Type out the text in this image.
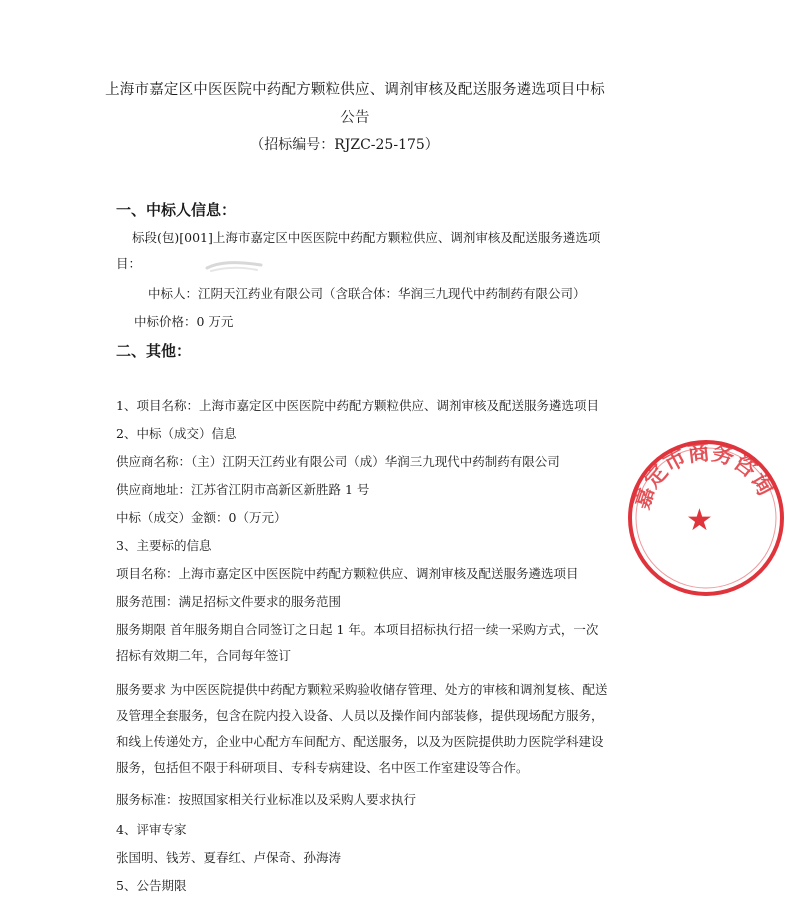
上海市嘉定区中医医院中药配方颗粒供应、调剂审核及配送服务遴选项目中标公告
（招标编号：RJZC-25-175）
一、中标人信息：
标段(包)[001]上海市嘉定区中医医院中药配方颗粒供应、调剂审核及配送服务遴选项
目：
中标人：江阴天江药业有限公司（含联合体：华润三九现代中药制药有限公司）
中标价格：0 万元
二、其他：
1、项目名称：上海市嘉定区中医医院中药配方颗粒供应、调剂审核及配送服务遴选项目
2、中标（成交）信息
供应商名称：（主）江阴天江药业有限公司（成）华润三九现代中药制药有限公司
供应商地址：江苏省江阴市高新区新胜路 1 号
中标（成交）金额：0（万元）
3、主要标的信息
项目名称：上海市嘉定区中医医院中药配方颗粒供应、调剂审核及配送服务遴选项目
服务范围：满足招标文件要求的服务范围
服务期限 首年服务期自合同签订之日起 1 年。本项目招标执行招一续一采购方式，一次招标有效期二年，合同每年签订
服务要求 为中医医院提供中药配方颗粒采购验收储存管理、处方的审核和调剂复核、配送及管理全套服务，包含在院内投入设备、人员以及操作间内部装修，提供现场配方服务，和线上传递处方，企业中心配方车间配方、配送服务，以及为医院提供助力医院学科建设服务，包括但不限于科研项目、专科专病建设、名中医工作室建设等合作。
服务标准：按照国家相关行业标准以及采购人要求执行
4、评审专家
张国明、钱芳、夏春红、卢保奇、孙海涛
5、公告期限
嘉定市商务咨询
★
